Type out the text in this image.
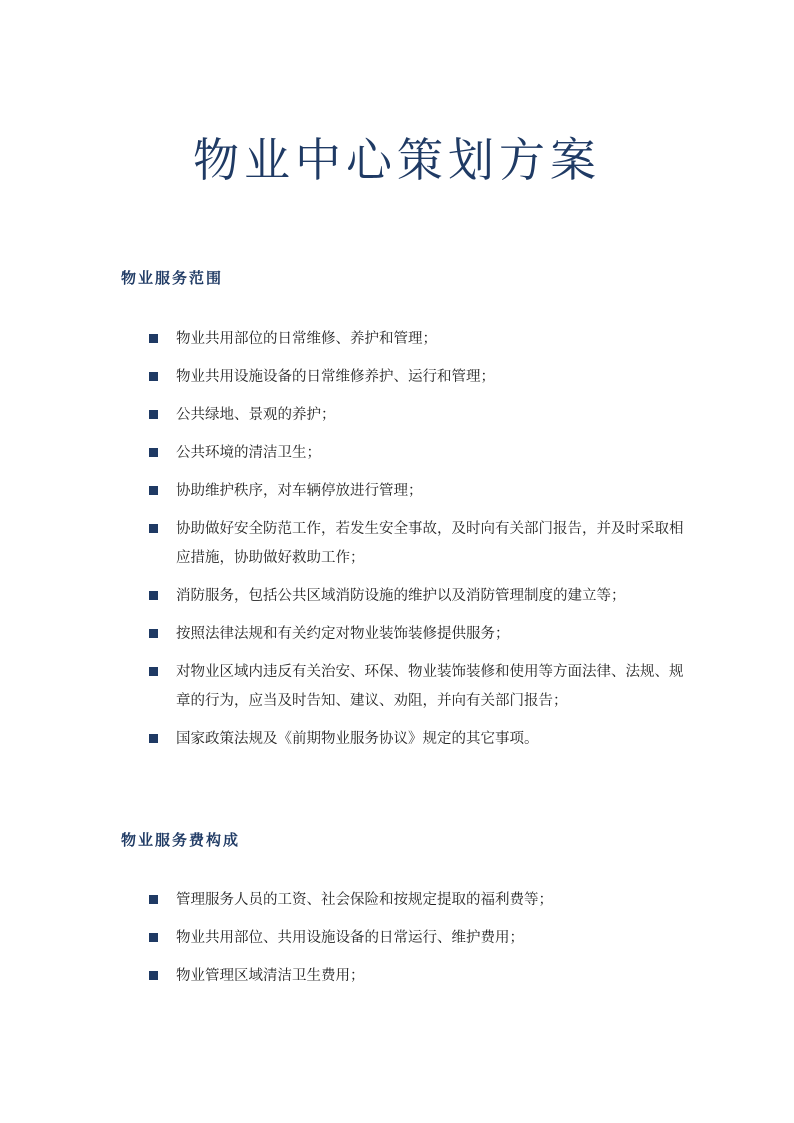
物业中心策划方案
物业服务范围
物业共用部位的日常维修、养护和管理；
物业共用设施设备的日常维修养护、运行和管理；
公共绿地、景观的养护；
公共环境的清洁卫生；
协助维护秩序，对车辆停放进行管理；
协助做好安全防范工作，若发生安全事故，及时向有关部门报告，并及时采取相应措施，协助做好救助工作；
消防服务，包括公共区域消防设施的维护以及消防管理制度的建立等；
按照法律法规和有关约定对物业装饰装修提供服务；
对物业区域内违反有关治安、环保、物业装饰装修和使用等方面法律、法规、规章的行为，应当及时告知、建议、劝阻，并向有关部门报告；
国家政策法规及《前期物业服务协议》规定的其它事项。
物业服务费构成
管理服务人员的工资、社会保险和按规定提取的福利费等；
物业共用部位、共用设施设备的日常运行、维护费用；
物业管理区域清洁卫生费用；
